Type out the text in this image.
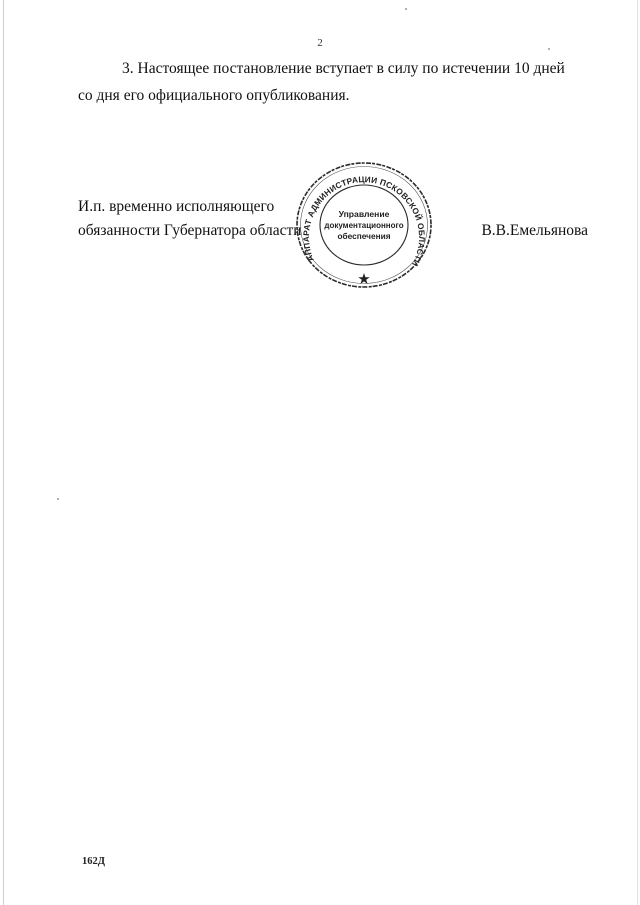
2

3. Настоящее постановление вступает в силу по истечении 10 дней
со дня его официального опубликования.

И.п. временно исполняющего
обязанности Губернатора области
АППАРАТ АДМИНИСТРАЦИИ ПСКОВСКОЙ ОБЛАСТИ
Управление
документационного
обеспечения	В.В.Емельянова
162Д
